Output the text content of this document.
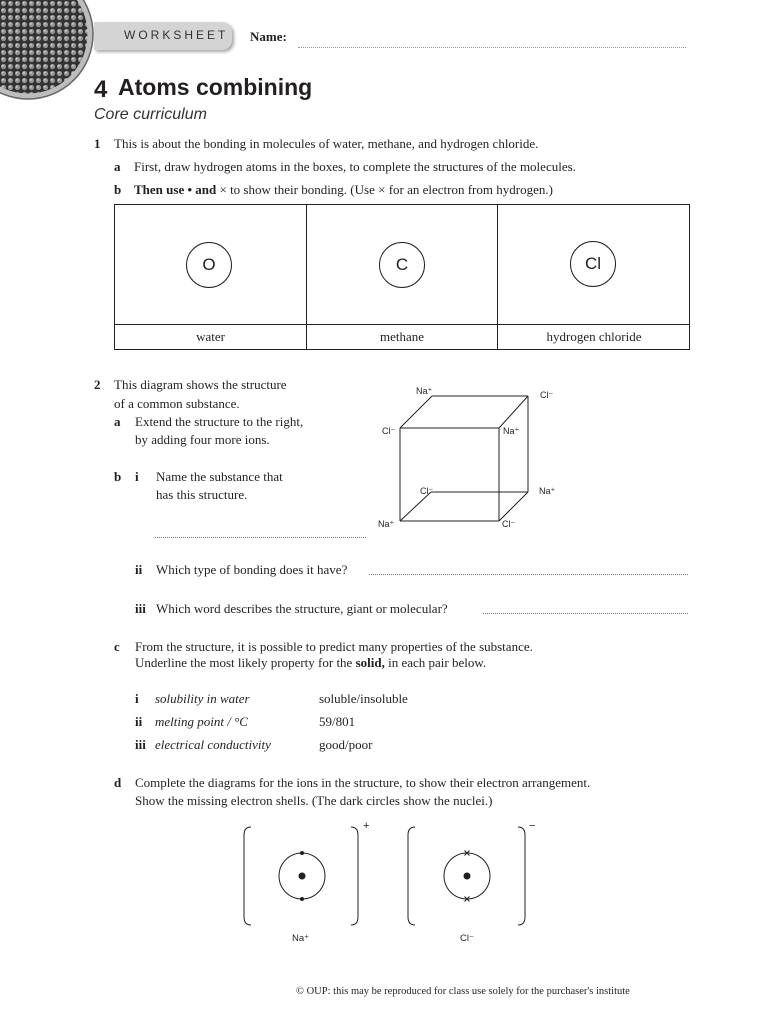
WORKSHEET Name:
4 Atoms combining
Core curriculum
1 This is about the bonding in molecules of water, methane, and hydrogen chloride.
a First, draw hydrogen atoms in the boxes, to complete the structures of the molecules.
b Then use • and × to show their bonding. (Use × for an electron from hydrogen.)
O	C	Cl
water	methane	hydrogen chloride
2 This diagram shows the structure
of a common substance.
a Extend the structure to the right,
by adding four more ions.
b i Name the substance that
has this structure.
Na⁺	Cl⁻
Cl⁻	Na⁺
Cl⁻	Na⁺
Na⁺	Cl⁻
ii Which type of bonding does it have?
iii Which word describes the structure, giant or molecular?
c From the structure, it is possible to predict many properties of the substance.
Underline the most likely property for the solid, in each pair below.
i solubility in water	soluble/insoluble
ii melting point / °C	59/801
iii electrical conductivity	good/poor
d Complete the diagrams for the ions in the structure, to show their electron arrangement.
Show the missing electron shells. (The dark circles show the nuclei.)
+	−
Na⁺	Cl⁻
© OUP: this may be reproduced for class use solely for the purchaser's institute
